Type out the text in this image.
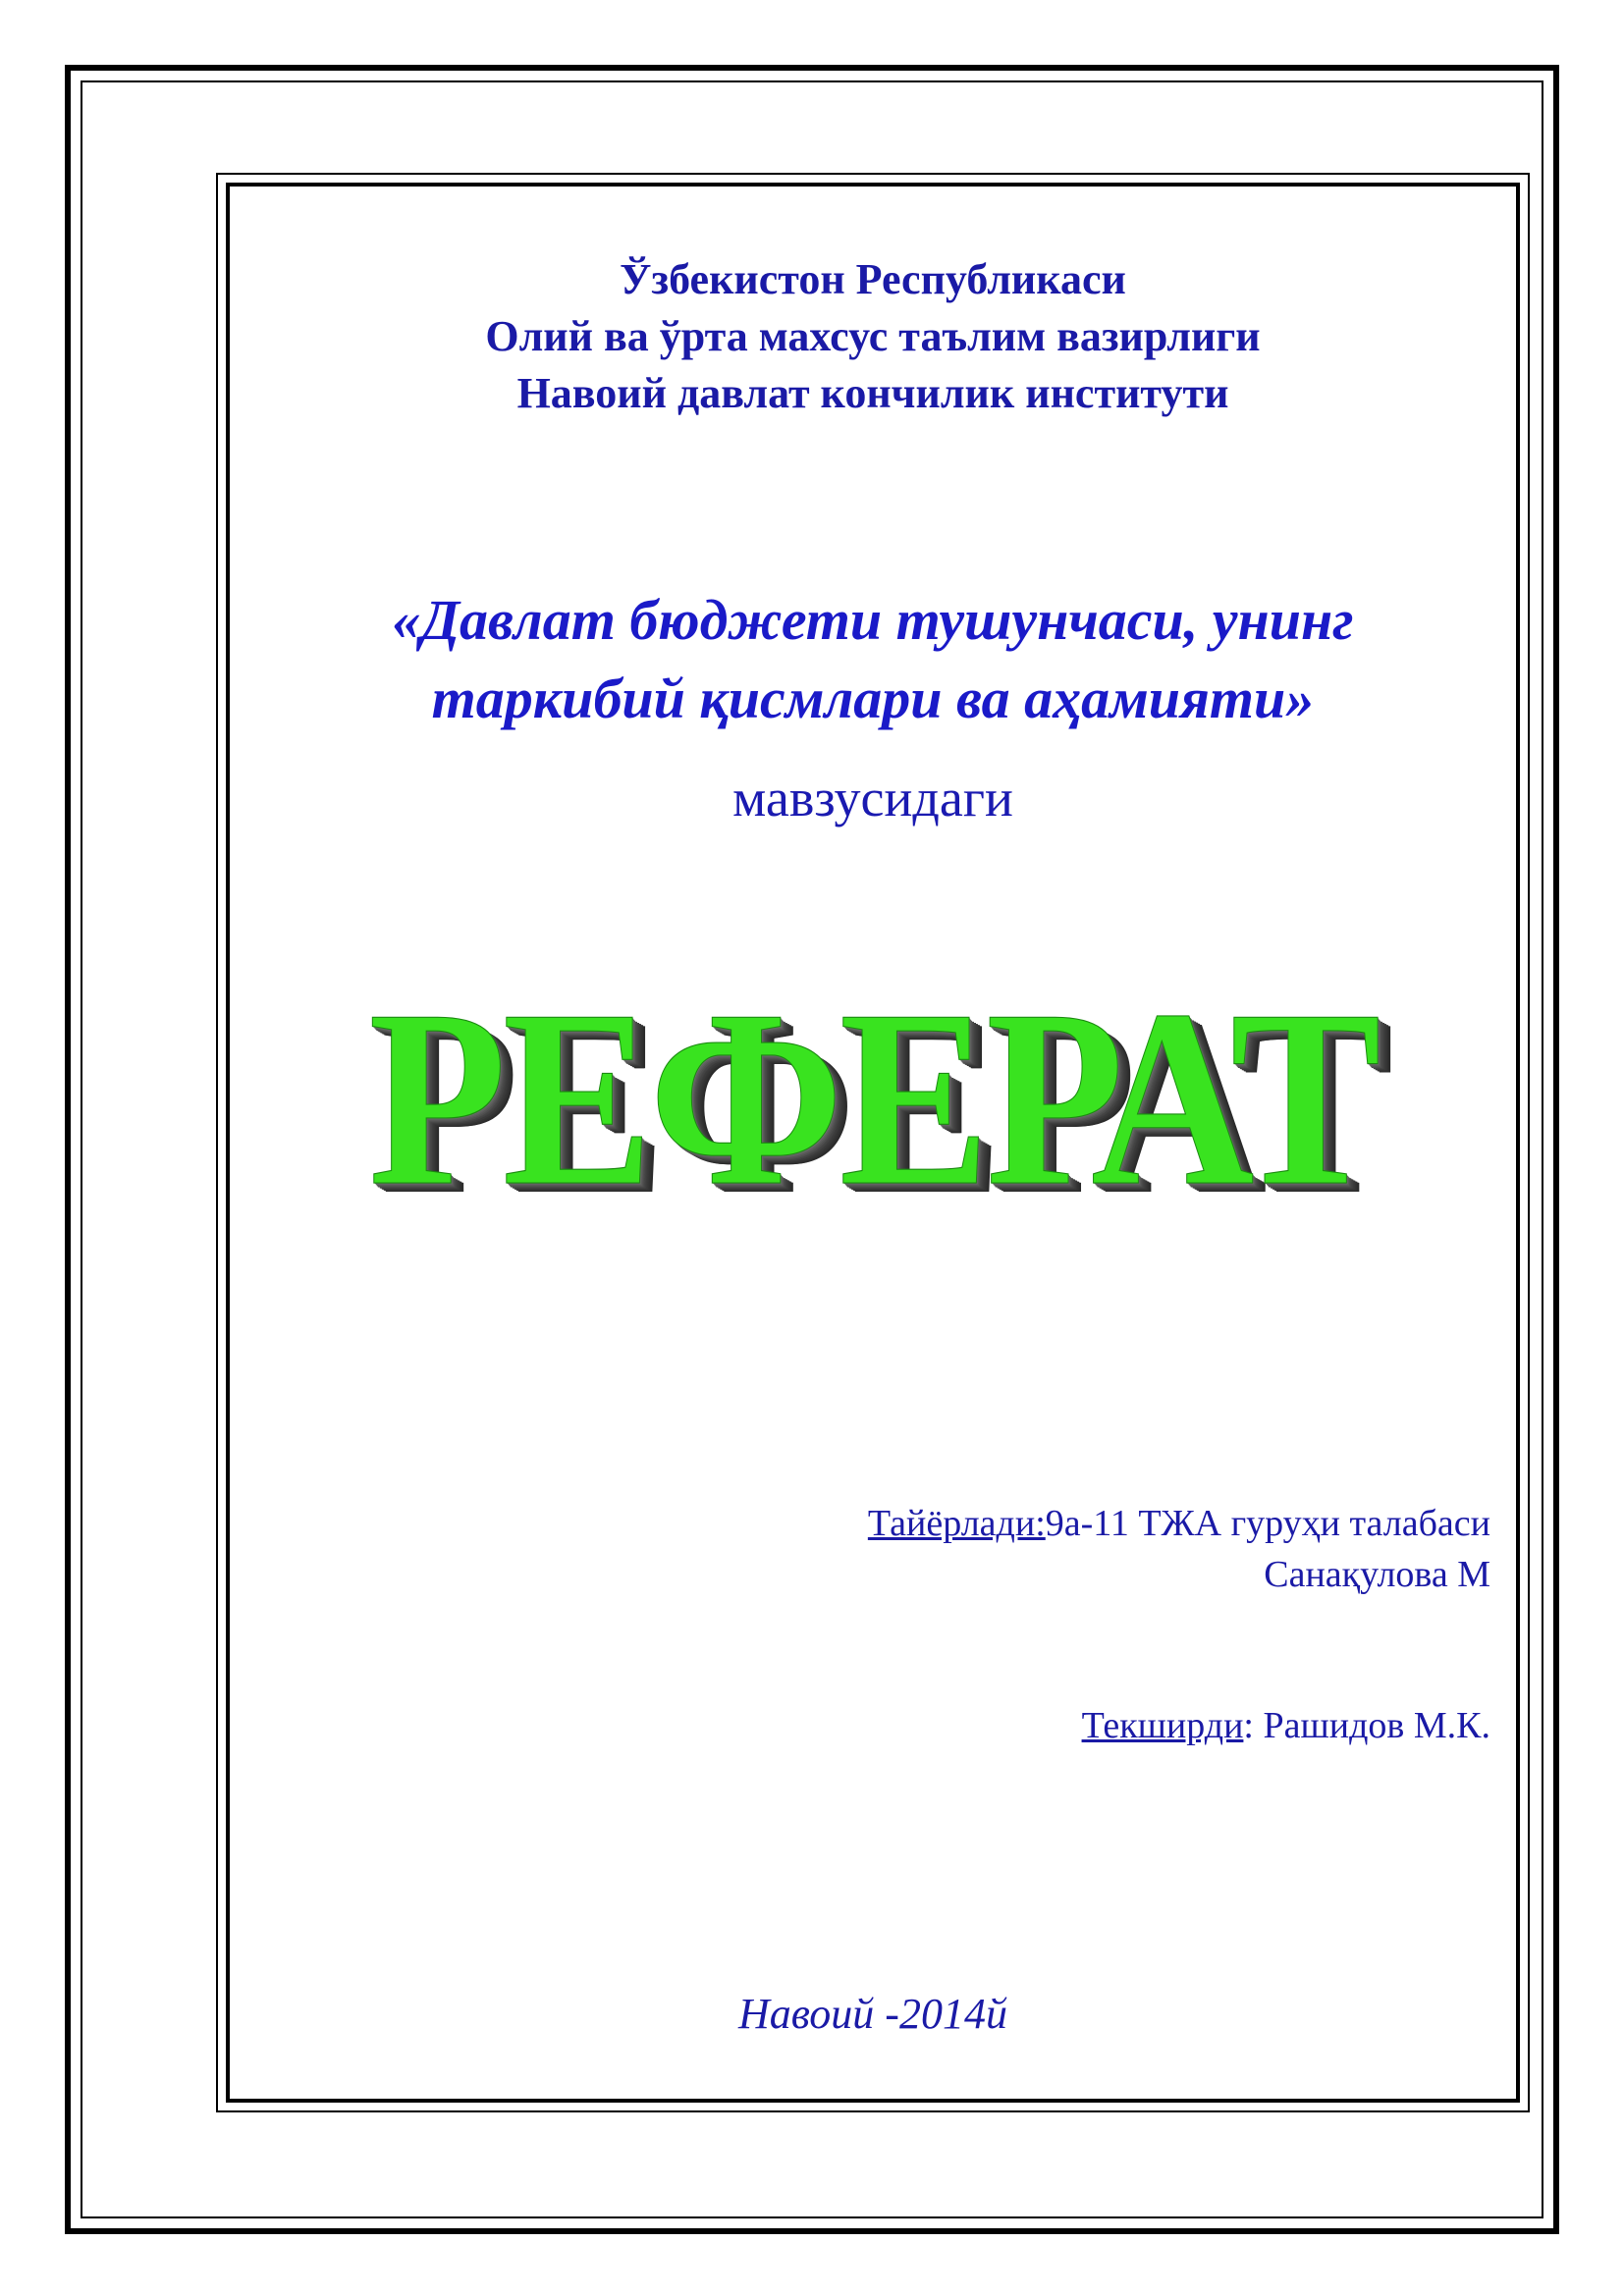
Ўзбекистон Республикаси
Олий ва ўрта махсус таълим вазирлиги
Навоий давлат кончилик институти
«Давлат бюджети тушунчаси, унинг
таркибий қисмлари ва аҳамияти»
мавзусидаги
РЕФЕРАТ
Тайёрлади:9а-11 ТЖА гуруҳи талабаси
Санақулова М
Текширди: Рашидов М.К.
Навоий -2014й
